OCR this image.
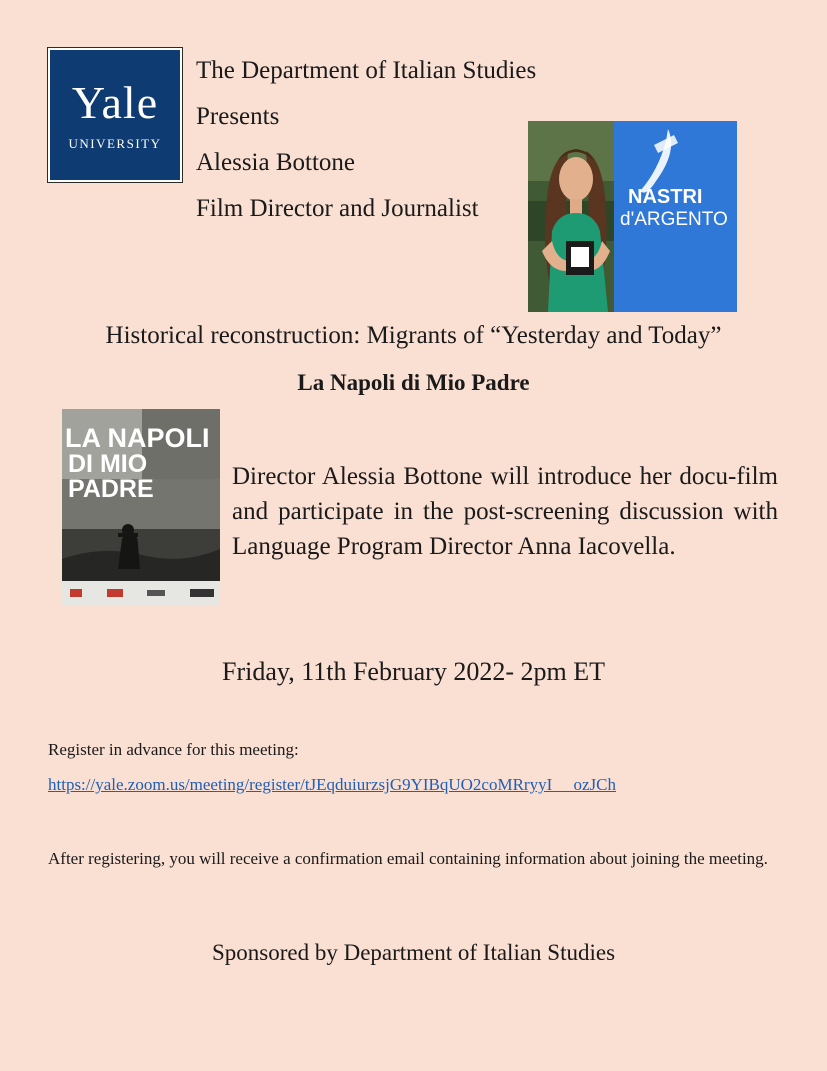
Yale
UNIVERSITY
The Department of Italian Studies
Presents
Alessia Bottone
Film Director and Journalist	NASTRI
d'ARGENTO
Historical reconstruction: Migrants of “Yesterday and Today”
La Napoli di Mio Padre
LA NAPOLI
DI MIO
PADRE	Director Alessia Bottone will introduce her docu-film and participate in the post-screening discussion with Language Program Director Anna Iacovella.
Friday, 11th February 2022- 2pm ET
Register in advance for this meeting:
https://yale.zoom.us/meeting/register/tJEqduiurzsjG9YIBqUO2coMRryyI     ozJCh
After registering, you will receive a confirmation email containing information about joining the meeting.
Sponsored by Department of Italian Studies
